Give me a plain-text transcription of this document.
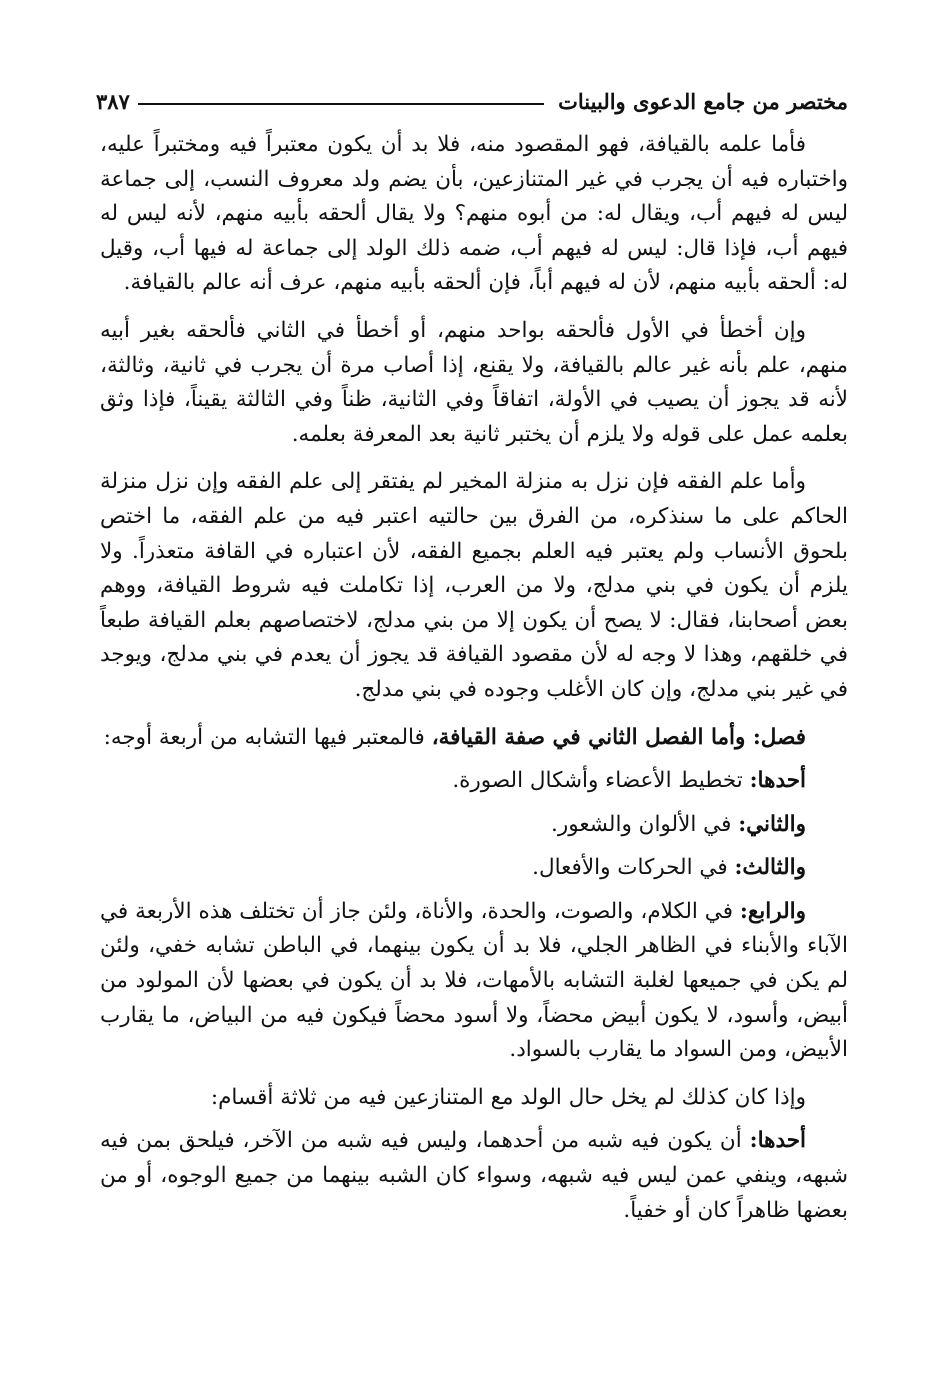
مختصر من جامع الدعوى والبينات
٣٨٧

فأما علمه بالقيافة، فهو المقصود منه، فلا بد أن يكون معتبراً فيه ومختبراً عليه، واختباره فيه أن يجرب في غير المتنازعين، بأن يضم ولد معروف النسب، إلى جماعة ليس له فيهم أب، ويقال له: من أبوه منهم؟ ولا يقال ألحقه بأبيه منهم، لأنه ليس له فيهم أب، فإذا قال: ليس له فيهم أب، ضمه ذلك الولد إلى جماعة له فيها أب، وقيل له: ألحقه بأبيه منهم، لأن له فيهم أباً، فإن ألحقه بأبيه منهم، عرف أنه عالم بالقيافة.

وإن أخطأ في الأول فألحقه بواحد منهم، أو أخطأ في الثاني فألحقه بغير أبيه منهم، علم بأنه غير عالم بالقيافة، ولا يقنع، إذا أصاب مرة أن يجرب في ثانية، وثالثة، لأنه قد يجوز أن يصيب في الأولة، اتفاقاً وفي الثانية، ظناً وفي الثالثة يقيناً، فإذا وثق بعلمه عمل على قوله ولا يلزم أن يختبر ثانية بعد المعرفة بعلمه.

وأما علم الفقه فإن نزل به منزلة المخير لم يفتقر إلى علم الفقه وإن نزل منزلة الحاكم على ما سنذكره، من الفرق بين حالتيه اعتبر فيه من علم الفقه، ما اختص بلحوق الأنساب ولم يعتبر فيه العلم بجميع الفقه، لأن اعتباره في القافة متعذراً. ولا يلزم أن يكون في بني مدلج، ولا من العرب، إذا تكاملت فيه شروط القيافة، ووهم بعض أصحابنا، فقال: لا يصح أن يكون إلا من بني مدلج، لاختصاصهم بعلم القيافة طبعاً في خلقهم، وهذا لا وجه له لأن مقصود القيافة قد يجوز أن يعدم في بني مدلج، ويوجد في غير بني مدلج، وإن كان الأغلب وجوده في بني مدلج.

فصل: وأما الفصل الثاني في صفة القيافة، فالمعتبر فيها التشابه من أربعة أوجه:

أحدها: تخطيط الأعضاء وأشكال الصورة.

والثاني: في الألوان والشعور.

والثالث: في الحركات والأفعال.

والرابع: في الكلام، والصوت، والحدة، والأناة، ولئن جاز أن تختلف هذه الأربعة في الآباء والأبناء في الظاهر الجلي، فلا بد أن يكون بينهما، في الباطن تشابه خفي، ولئن لم يكن في جميعها لغلبة التشابه بالأمهات، فلا بد أن يكون في بعضها لأن المولود من أبيض، وأسود، لا يكون أبيض محضاً، ولا أسود محضاً فيكون فيه من البياض، ما يقارب الأبيض، ومن السواد ما يقارب بالسواد.

وإذا كان كذلك لم يخل حال الولد مع المتنازعين فيه من ثلاثة أقسام:

أحدها: أن يكون فيه شبه من أحدهما، وليس فيه شبه من الآخر، فيلحق بمن فيه شبهه، وينفي عمن ليس فيه شبهه، وسواء كان الشبه بينهما من جميع الوجوه، أو من بعضها ظاهراً كان أو خفياً.
